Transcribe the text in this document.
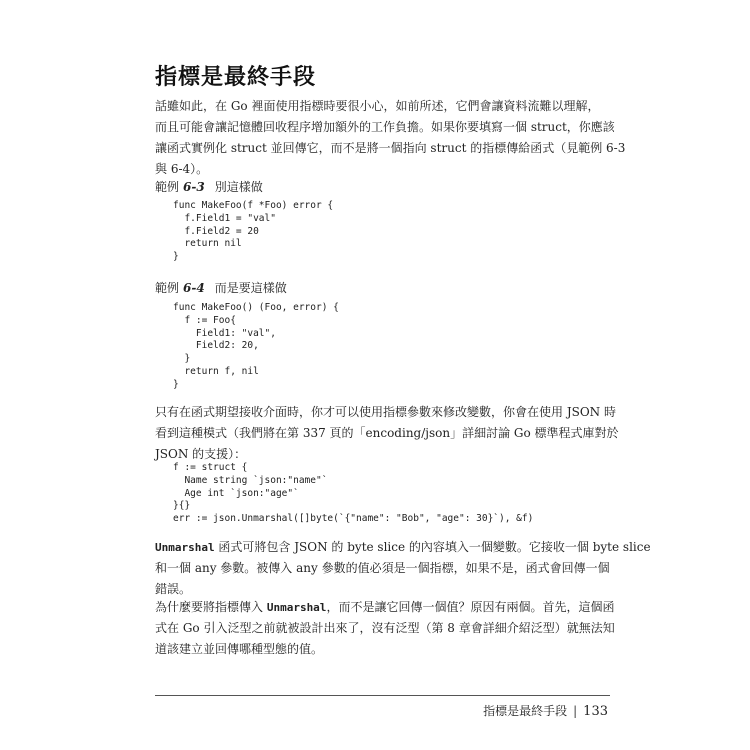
指標是最終手段
話雖如此，在 Go 裡面使用指標時要很小心，如前所述，它們會讓資料流難以理解，
而且可能會讓記憶體回收程序增加額外的工作負擔。如果你要填寫一個 struct，你應該
讓函式實例化 struct 並回傳它，而不是將一個指向 struct 的指標傳給函式（見範例 6-3
與 6-4）。
範例 6-3 別這樣做
func MakeFoo(f *Foo) error {
f.Field1 = "val"
f.Field2 = 20
return nil
}
範例 6-4 而是要這樣做
func MakeFoo() (Foo, error) {
f := Foo{
Field1: "val",
Field2: 20,
}
return f, nil
}
只有在函式期望接收介面時，你才可以使用指標參數來修改變數，你會在使用 JSON 時
看到這種模式（我們將在第 337 頁的「encoding/json」詳細討論 Go 標準程式庫對於
JSON 的支援）：
f := struct {
Name string `json:"name"`
Age int `json:"age"`
}{}
err := json.Unmarshal([]byte(`{"name": "Bob", "age": 30}`), &f)
Unmarshal 函式可將包含 JSON 的 byte slice 的內容填入一個變數。它接收一個 byte slice
和一個 any 參數。被傳入 any 參數的值必須是一個指標，如果不是，函式會回傳一個
錯誤。
為什麼要將指標傳入 Unmarshal，而不是讓它回傳一個值？原因有兩個。首先，這個函
式在 Go 引入泛型之前就被設計出來了，沒有泛型（第 8 章會詳細介紹泛型）就無法知
道該建立並回傳哪種型態的值。
指標是最終手段 | 133
